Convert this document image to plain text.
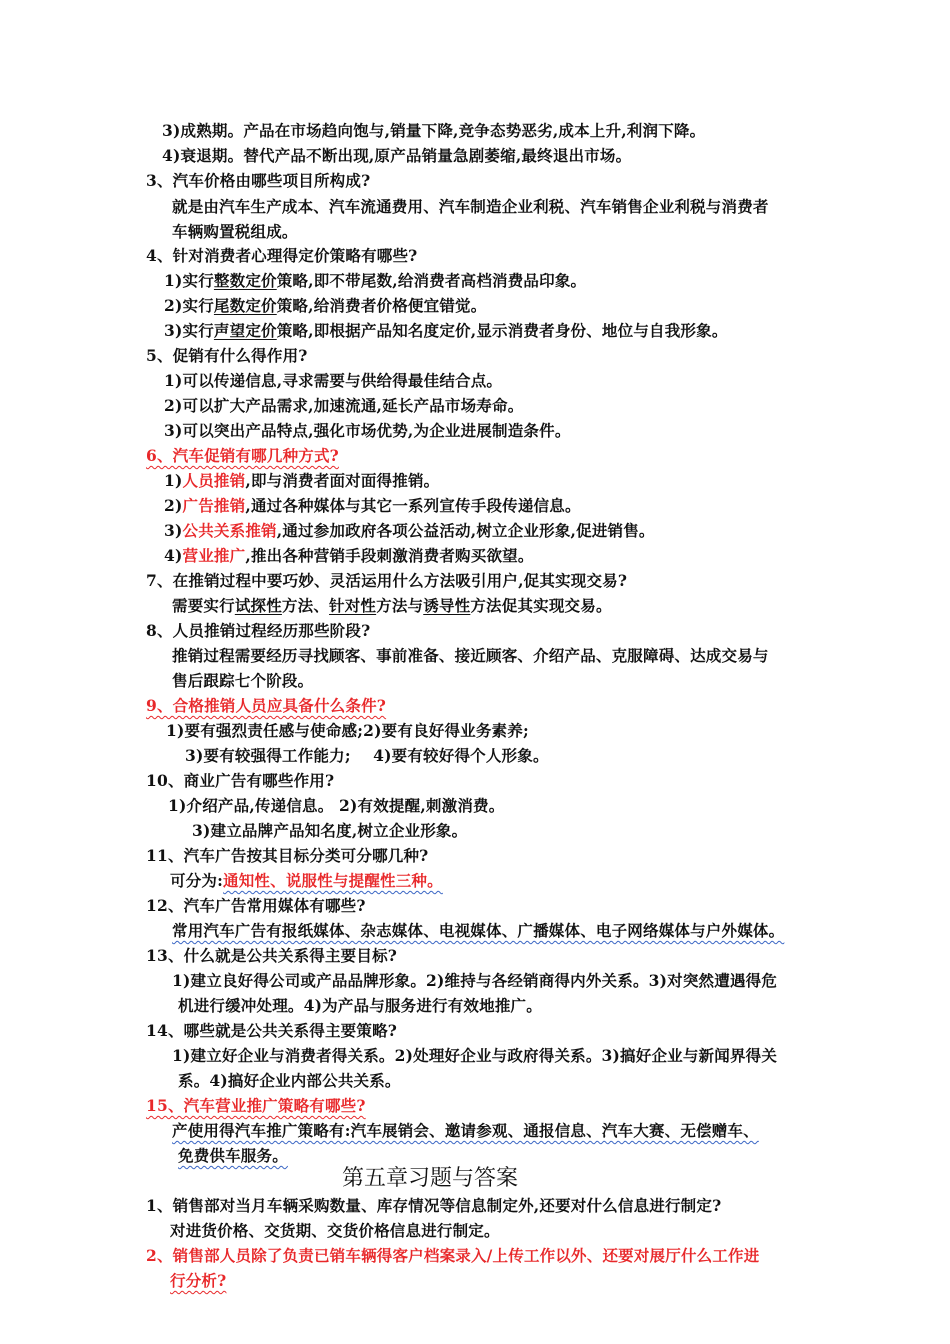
3)成熟期。产品在市场趋向饱与,销量下降,竞争态势恶劣,成本上升,利润下降。
4)衰退期。替代产品不断出现,原产品销量急剧萎缩,最终退出市场。
3、汽车价格由哪些项目所构成?
就是由汽车生产成本、汽车流通费用、汽车制造企业利税、汽车销售企业利税与消费者
车辆购置税组成。
4、针对消费者心理得定价策略有哪些?
1)实行整数定价策略,即不带尾数,给消费者高档消费品印象。
2)实行尾数定价策略,给消费者价格便宜错觉。
3)实行声望定价策略,即根据产品知名度定价,显示消费者身份、地位与自我形象。
5、促销有什么得作用?
1)可以传递信息,寻求需要与供给得最佳结合点。
2)可以扩大产品需求,加速流通,延长产品市场寿命。
3)可以突出产品特点,强化市场优势,为企业进展制造条件。
6、汽车促销有哪几种方式?
1)人员推销,即与消费者面对面得推销。
2)广告推销,通过各种媒体与其它一系列宣传手段传递信息。
3)公共关系推销,通过参加政府各项公益活动,树立企业形象,促进销售。
4)营业推广,推出各种营销手段刺激消费者购买欲望。
7、在推销过程中要巧妙、灵活运用什么方法吸引用户,促其实现交易?
需要实行试探性方法、针对性方法与诱导性方法促其实现交易。
8、人员推销过程经历那些阶段?
推销过程需要经历寻找顾客、事前准备、接近顾客、介绍产品、克服障碍、达成交易与
售后跟踪七个阶段。
9、合格推销人员应具备什么条件?
1)要有强烈责任感与使命感;2)要有良好得业务素养;
3)要有较强得工作能力;    4)要有较好得个人形象。
10、商业广告有哪些作用?
1)介绍产品,传递信息。 2)有效提醒,刺激消费。
3)建立品牌产品知名度,树立企业形象。
11、汽车广告按其目标分类可分哪几种?
可分为:通知性、说服性与提醒性三种。
12、汽车广告常用媒体有哪些?
常用汽车广告有报纸媒体、杂志媒体、电视媒体、广播媒体、电子网络媒体与户外媒体。
13、什么就是公共关系得主要目标?
1)建立良好得公司或产品品牌形象。2)维持与各经销商得内外关系。3)对突然遭遇得危
机进行缓冲处理。4)为产品与服务进行有效地推广。
14、哪些就是公共关系得主要策略?
1)建立好企业与消费者得关系。2)处理好企业与政府得关系。3)搞好企业与新闻界得关
系。4)搞好企业内部公共关系。
15、汽车营业推广策略有哪些?
产使用得汽车推广策略有:汽车展销会、邀请参观、通报信息、汽车大赛、无偿赠车、
免费供车服务。
第五章习题与答案
1、销售部对当月车辆采购数量、库存情况等信息制定外,还要对什么信息进行制定?
对进货价格、交货期、交货价格信息进行制定。
2、销售部人员除了负责已销车辆得客户档案录入/上传工作以外、还要对展厅什么工作进
行分析?
